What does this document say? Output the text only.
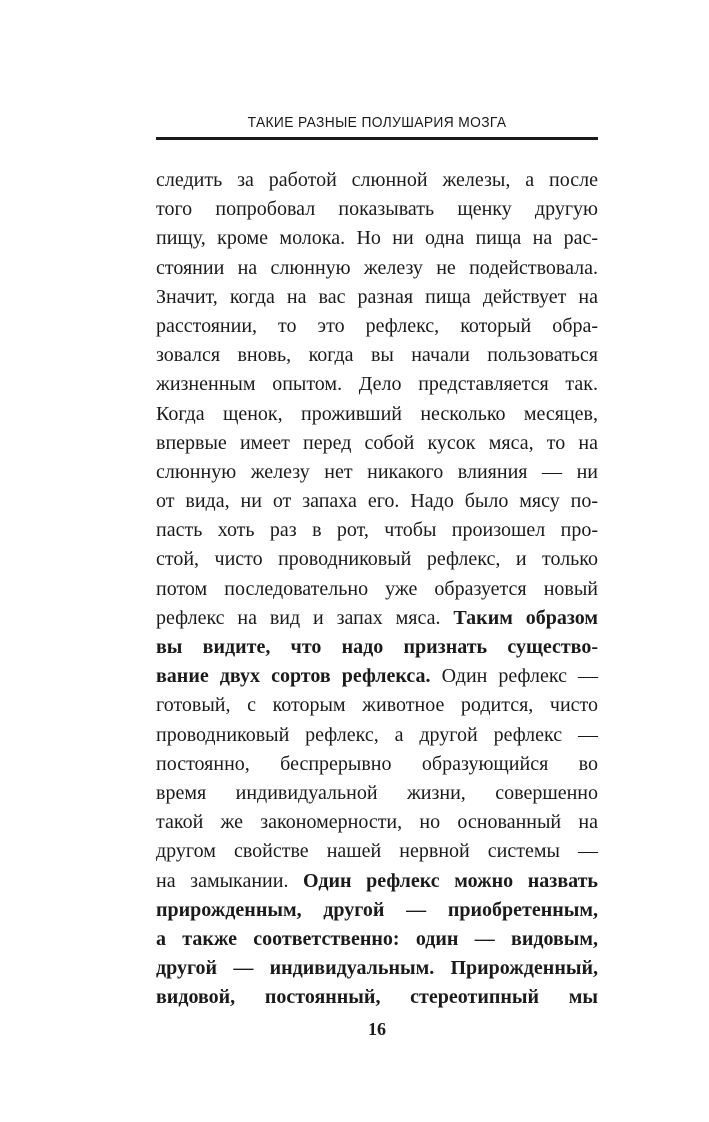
ТАКИЕ РАЗНЫЕ ПОЛУШАРИЯ МОЗГА
следить за работой слюнной железы, а после
того попробовал показывать щенку другую
пищу, кроме молока. Но ни одна пища на рас-
стоянии на слюнную железу не подействовала.
Значит, когда на вас разная пища действует на
расстоянии, то это рефлекс, который обра-
зовался вновь, когда вы начали пользоваться
жизненным опытом. Дело представляется так.
Когда щенок, проживший несколько месяцев,
впервые имеет перед собой кусок мяса, то на
слюнную железу нет никакого влияния — ни
от вида, ни от запаха его. Надо было мясу по-
пасть хоть раз в рот, чтобы произошел про-
стой, чисто проводниковый рефлекс, и только
потом последовательно уже образуется новый
рефлекс на вид и запах мяса. Таким образом
вы видите, что надо признать существо-
вание двух сортов рефлекса. Один рефлекс —
готовый, с которым животное родится, чисто
проводниковый рефлекс, а другой рефлекс —
постоянно, беспрерывно образующийся во
время индивидуальной жизни, совершенно
такой же закономерности, но основанный на
другом свойстве нашей нервной системы —
на замыкании. Один рефлекс можно назвать
прирожденным, другой — приобретенным,
а также соответственно: один — видовым,
другой — индивидуальным. Прирожденный,
видовой, постоянный, стереотипный мы
16
